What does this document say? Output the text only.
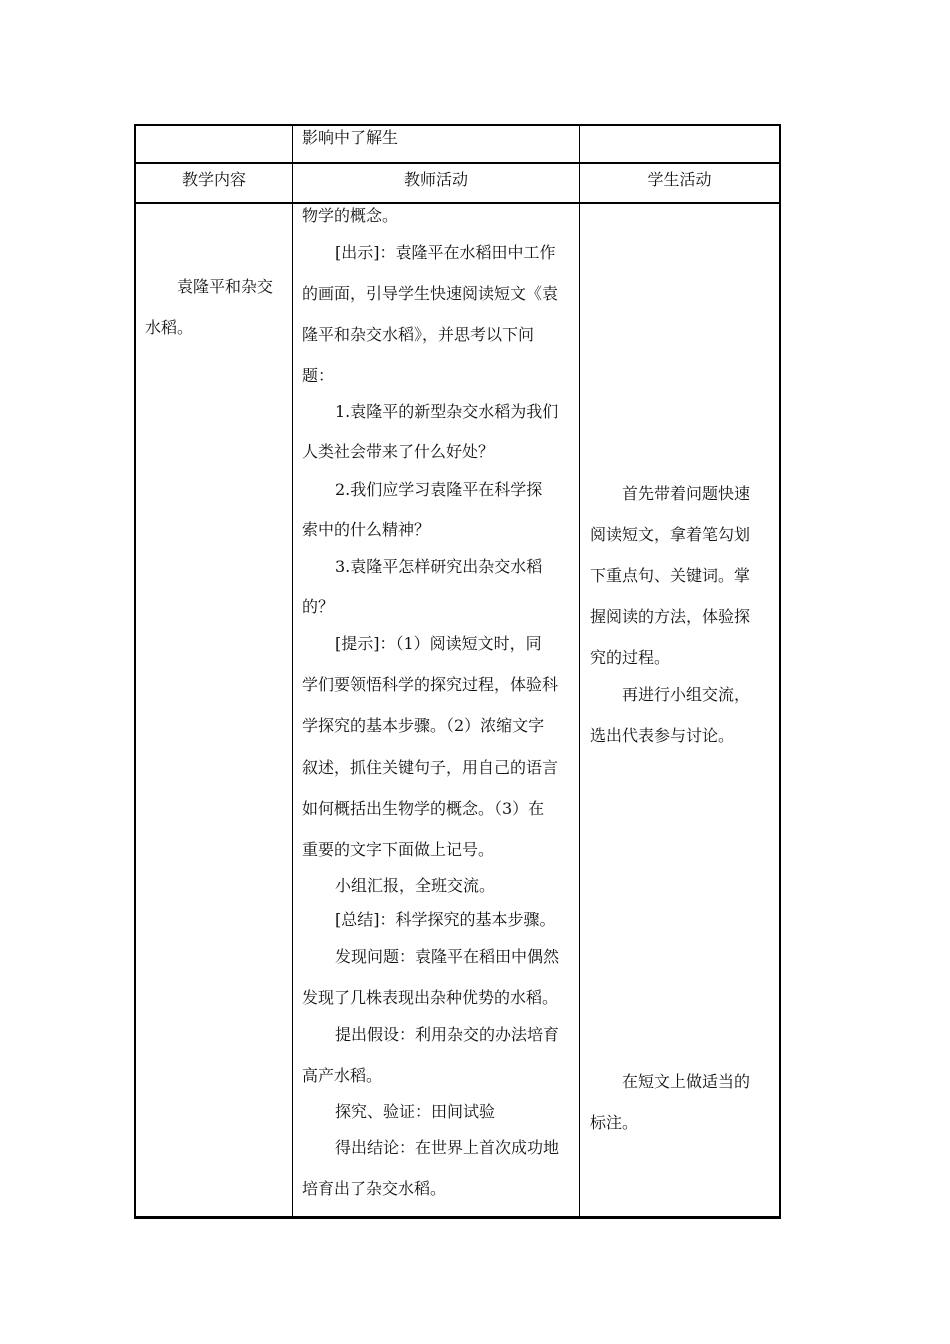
影响中了解生
教学内容	教师活动	学生活动
袁隆平和杂交
水稻。
物学的概念。
[出示]：袁隆平在水稻田中工作
的画面，引导学生快速阅读短文《袁
隆平和杂交水稻》，并思考以下问
题：
1.袁隆平的新型杂交水稻为我们
人类社会带来了什么好处？
2.我们应学习袁隆平在科学探
索中的什么精神？
3.袁隆平怎样研究出杂交水稻
的？
[提示]：（1）阅读短文时，同
学们要领悟科学的探究过程，体验科
学探究的基本步骤。（2）浓缩文字
叙述，抓住关键句子，用自己的语言
如何概括出生物学的概念。（3）在
重要的文字下面做上记号。
小组汇报，全班交流。
[总结]：科学探究的基本步骤。
发现问题：袁隆平在稻田中偶然
发现了几株表现出杂种优势的水稻。
提出假设：利用杂交的办法培育
高产水稻。
探究、验证：田间试验
得出结论：在世界上首次成功地
培育出了杂交水稻。
首先带着问题快速
阅读短文，拿着笔勾划
下重点句、关键词。掌
握阅读的方法，体验探
究的过程。
再进行小组交流，
选出代表参与讨论。
在短文上做适当的
标注。
